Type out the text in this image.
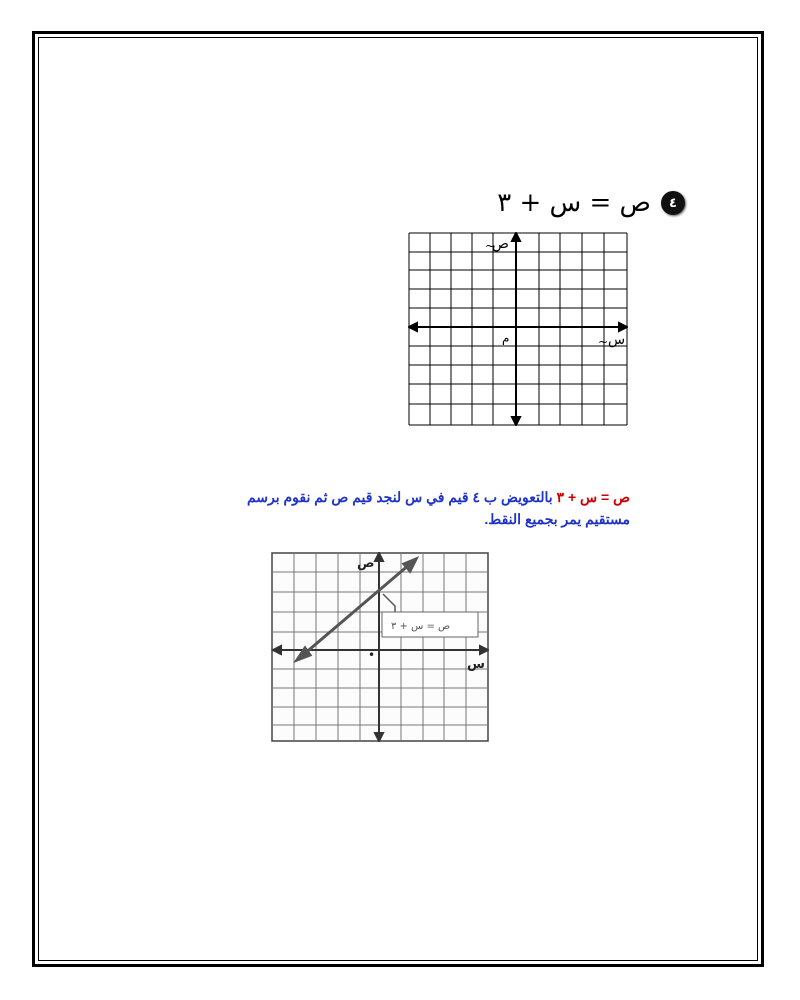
٤
ص = س + ٣
ص
~
س
~
م
ص = س + ٣ بالتعويض ب ٤ قيم في س لنجد قيم ص ثم نقوم برسم
مستقيم يمر بجميع النقط.
ص = س + ٣
ص
س
•
